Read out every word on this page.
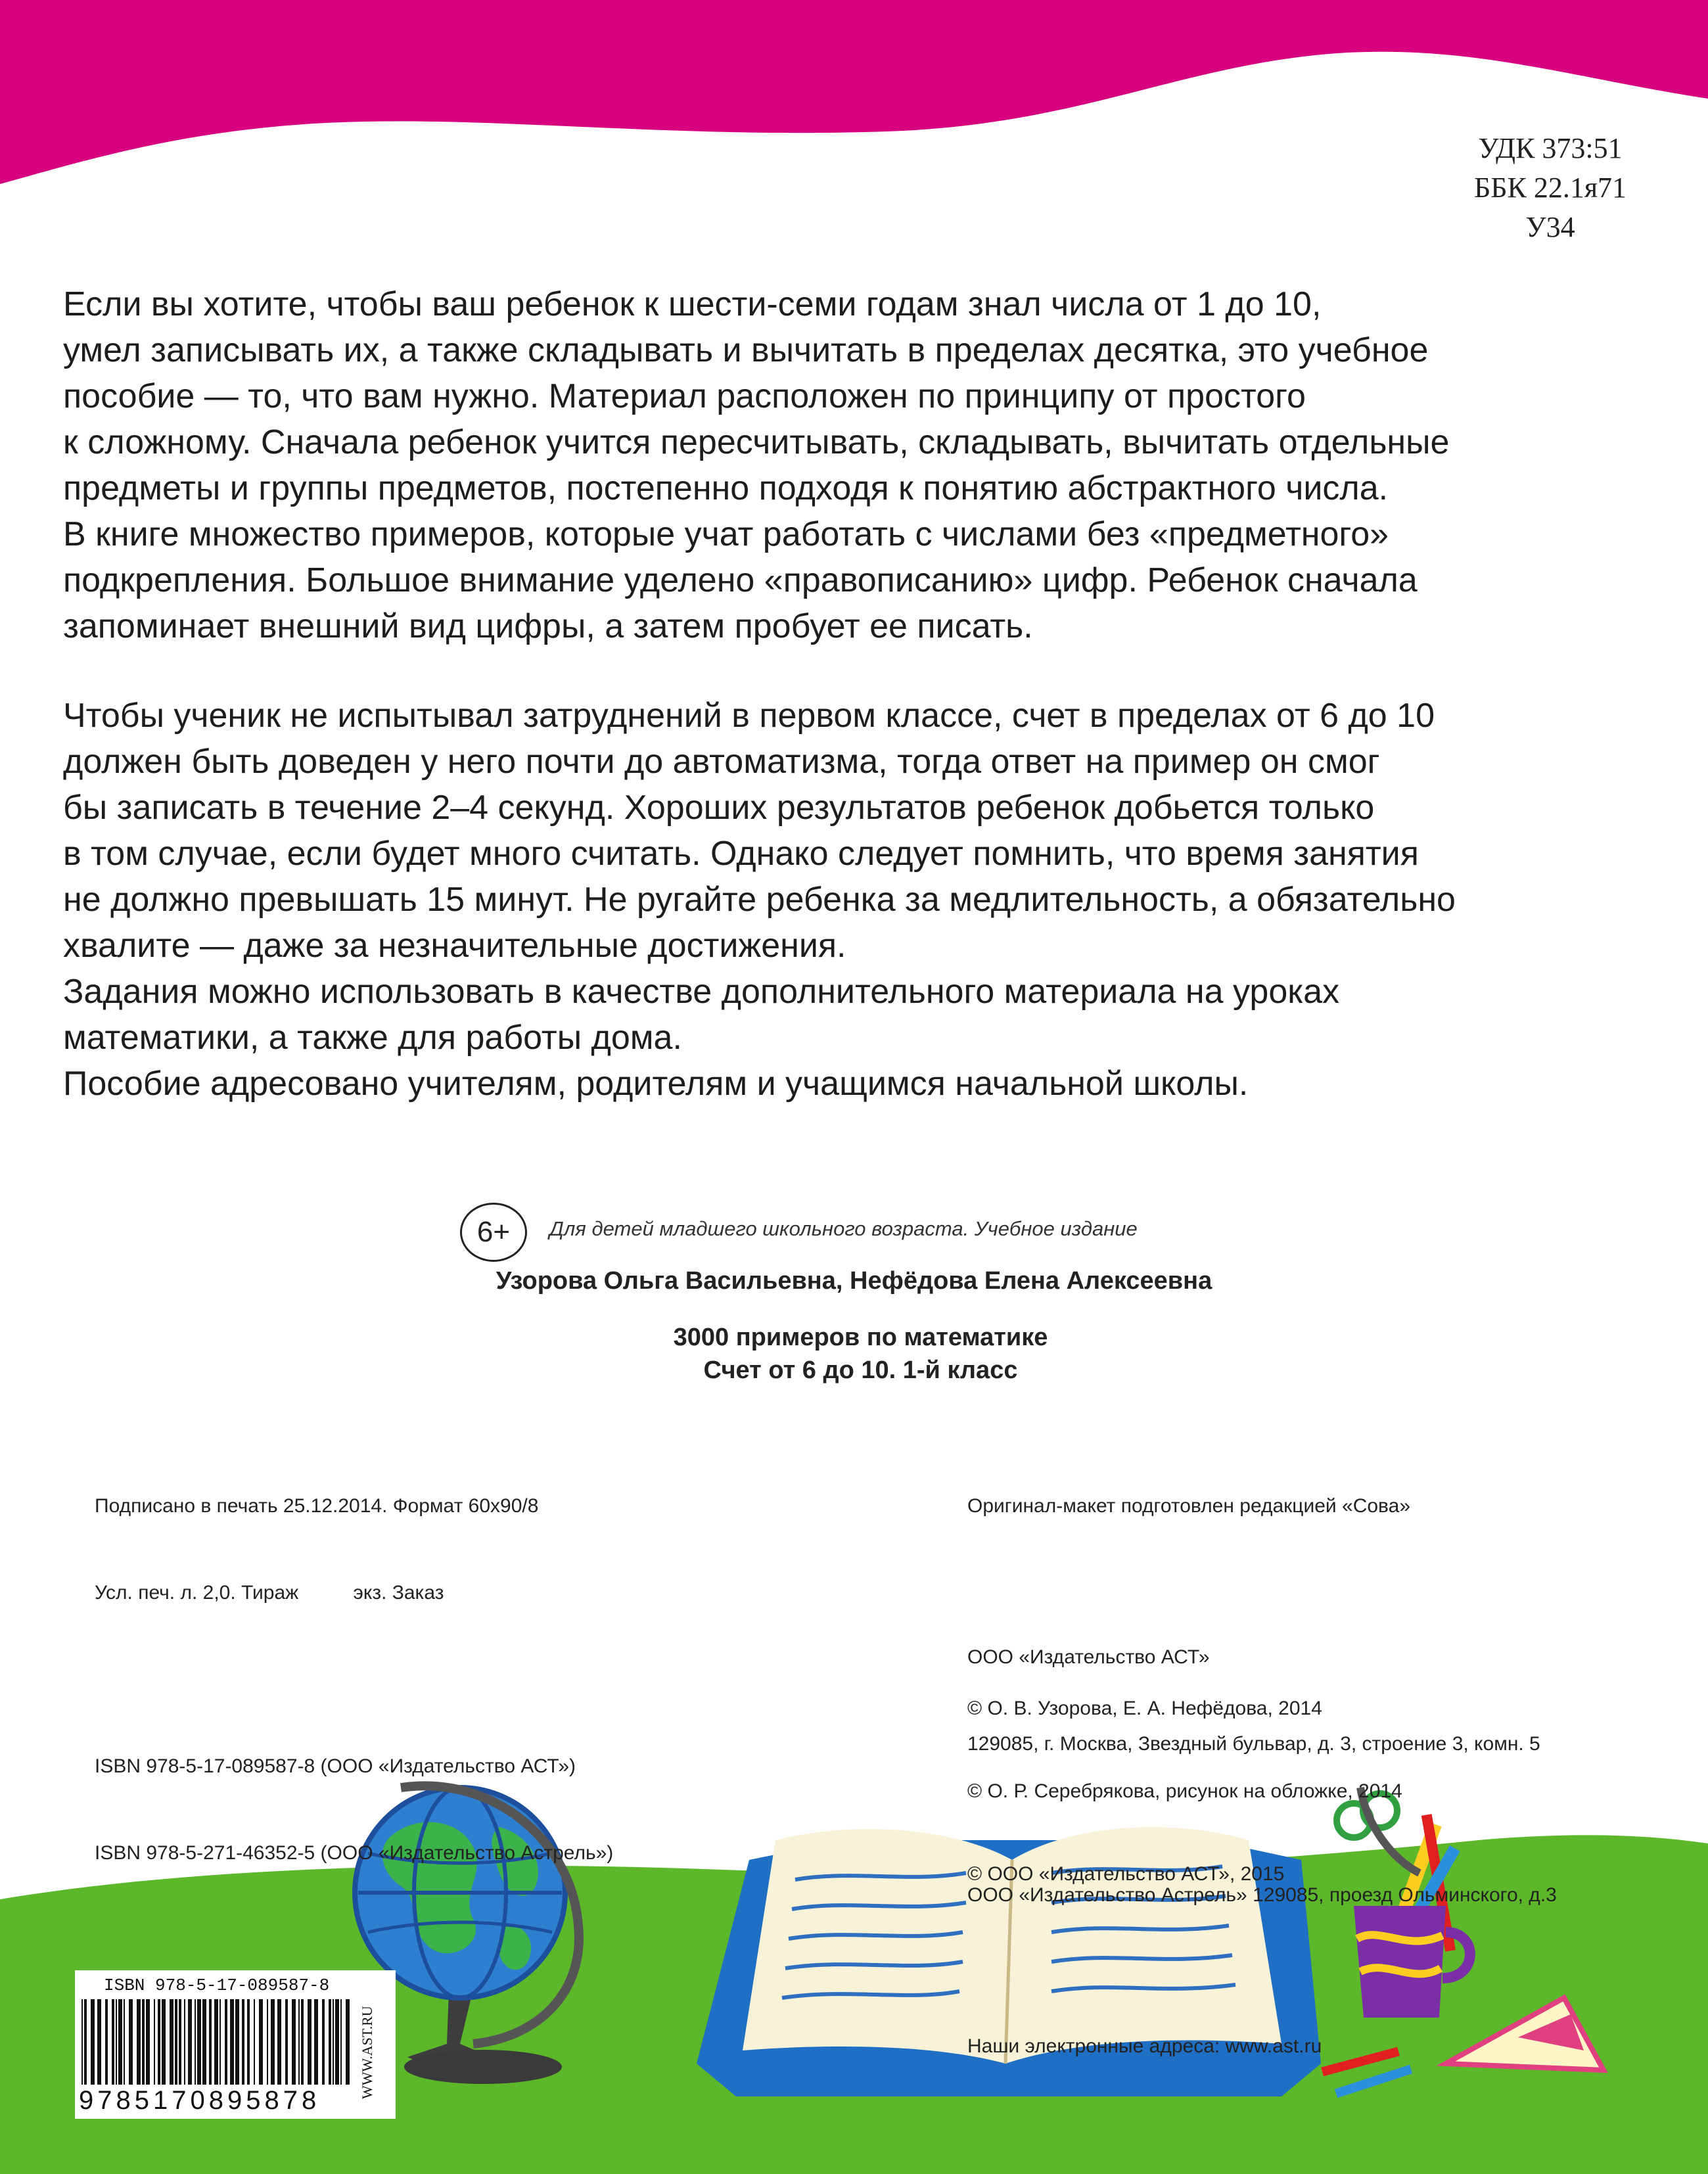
УДК 373:51
ББК 22.1я71
У34

Если вы хотите, чтобы ваш ребенок к шести-семи годам знал числа от 1 до 10,
умел записывать их, а также складывать и вычитать в пределах десятка, это учебное
пособие — то, что вам нужно. Материал расположен по принципу от простого
к сложному. Сначала ребенок учится пересчитывать, складывать, вычитать отдельные
предметы и группы предметов, постепенно подходя к понятию абстрактного числа.
В книге множество примеров, которые учат работать с числами без «предметного»
подкрепления. Большое внимание уделено «правописанию» цифр. Ребенок сначала
запоминает внешний вид цифры, а затем пробует ее писать.

Чтобы ученик не испытывал затруднений в первом классе, счет в пределах от 6 до 10
должен быть доведен у него почти до автоматизма, тогда ответ на пример он смог
бы записать в течение 2–4 секунд. Хороших результатов ребенок добьется только
в том случае, если будет много считать. Однако следует помнить, что время занятия
не должно превышать 15 минут. Не ругайте ребенка за медлительность, а обязательно
хвалите — даже за незначительные достижения.
Задания можно использовать в качестве дополнительного материала на уроках
математики, а также для работы дома.
Пособие адресовано учителям, родителям и учащимся начальной школы.

6+	Для детей младшего школьного возраста. Учебное издание
Узорова Ольга Васильевна, Нефёдова Елена Алексеевна
3000 примеров по математике
Счет от 6 до 10. 1-й класс

Подписано в печать 25.12.2014. Формат 60x90/8

Усл. печ. л. 2,0. Тираж          экз. Заказ

ISBN 978-5-17-089587-8 (ООО «Издательство АСТ»)

ISBN 978-5-271-46352-5 (ООО «Издательство Астрель»)

Оригинал-макет подготовлен редакцией «Сова»

ООО «Издательство АСТ»

129085, г. Москва, Звездный бульвар, д. 3, строение 3, комн. 5

ООО «Издательство Астрель» 129085, проезд Ольминского, д.3

Наши электронные адреса: www.ast.ru

© О. В. Узорова, Е. А. Нефёдова, 2014

© О. Р. Серебрякова, рисунок на обложке, 2014

© ООО «Издательство АСТ», 2015

ISBN 978-5-17-089587-8
9785170895878
WWW.AST.RU
